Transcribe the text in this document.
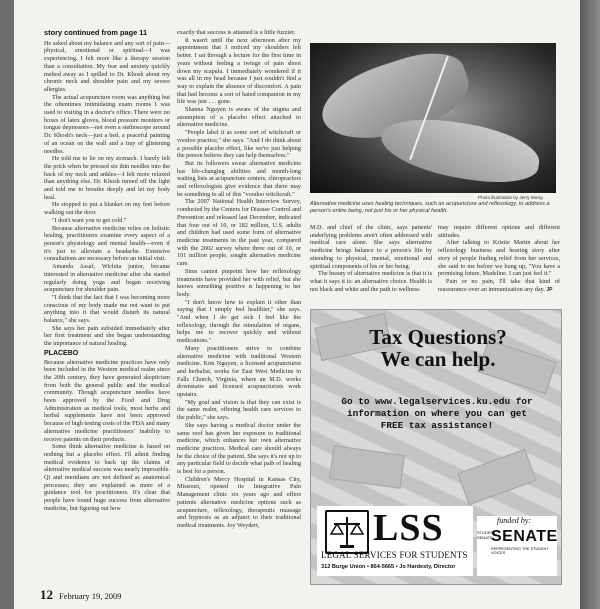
story continued from page 11

He asked about my balance and any sort of pain—physical, emotional or spiritual—I was experiencing. I felt more like a therapy session than a consultation. My fear and anxiety quickly melted away as I spilled to Dr. Khosh about my chronic neck and shoulder pain and my severe allergies.

The actual acupuncture room was anything but the oftentimes intimidating exam rooms I was used to visiting in a doctor's office. There were no boxes of latex gloves, blood pressure monitors or tongue depressors—not even a stethoscope around Dr. Khosh's neck—just a bed, a peaceful painting of an ocean on the wall and a tray of glistening needles.

He told me to lie on my stomach. I barely felt the prick when he pressed six thin needles into the back of my neck and ankles—I felt more relaxed than anything else. Dr. Khosh turned off the light and told me to breathe deeply and let my body heal.

He stopped to put a blanket on my feet before walking out the door.

"I don't want you to get cold."

Because alternative medicine relies on holistic healing, practitioners examine every aspect of a person's physiology and mental health—even if it's just to alleviate a headache. Extensive consultations are necessary before an initial visit.

Amanda Assaf, Wichita junior, became interested in alternative medicine after she started regularly doing yoga and began receiving acupuncture for shoulder pain.

"I think that the fact that I was becoming more conscious of my body made me not want to put anything into it that would disturb its natural balance," she says.

She says her pain subsided immediately after her first treatment and she began understanding the importance of natural healing.

PLACEBO

Because alternative medicine practices have only been included in the Western medical realm since the 20th century, they have generated skepticism from both the general public and the medical community. Though acupuncture needles have been approved by the Food and Drug Administration as medical tools, most herbs and herbal supplements have not been approved because of high testing costs of the FDA and many alternative medicine practitioners' inability to receive patents on their products.

Some think alternative medicine is based on nothing but a placebo effect. I'll admit finding medical evidence to back up the claims of alternative medical success was nearly impossible. Qi and meridians are not defined as anatomical processes; they are explained as more of a guidance tool for practitioners. It's clear that people have found huge success from alternative medicine, but figuring out how

exactly that success is attained is a little fuzzier.

It wasn't until the next afternoon after my appointment that I noticed my shoulders felt better. I sat through a lecture for the first time in years without feeling a twinge of pain shoot down my scapula. I immediately wondered if it was all in my head because I just couldn't find a way to explain the absence of discomfort. A pain that had become a sort of hated companion in my life was just . . . gone.

Shanna Nguyen is aware of the stigma and assumption of a placebo effect attached to alternative medicine.

"People label it as some sort of witchcraft or voodoo practice," she says. "And I do think about a possible placebo effect, like we're just helping the person believe they can help themselves."

But its followers swear alternative medicine has life-changing abilities and month-long waiting lists at acupuncture centers, chiropractors and reflexologists give evidence that there may be something to all of this "voodoo witchcraft."

The 2007 National Health Interview Survey, conducted by the Centers for Disease Control and Prevention and released last December, indicated that four out of 10, or 182 million, U.S. adults and children had used some form of alternative medicine treatments in the past year, compared with the 2002 survey where three out of 10, or 101 million people, sought alternative medicine care.

Sims cannot pinpoint how her reflexology treatments have provided her with relief, but she knows something positive is happening to her body.

"I don't know how to explain it other than saying that I simply feel healthier," she says. "And when I do get sick I feel like the reflexology, through the stimulation of organs, helps me to recover quickly and without medications."

Many practitioners strive to combine alternative medicine with traditional Western medicine. Kim Nguyen, a licensed acupuncturist and herbalist, works for East West Medicine in Falls Church, Virginia, where an M.D. works downstairs and licensed acupuncturists work upstairs.

"My goal and vision is that they can exist is the same realm, offering health care services to the public," she says.

She says having a medical doctor under the same roof has given her exposure to traditional medicine, which enhances her own alternative medicine practices. Medical care should always be the choice of the patient. She says it's not up to any particular field to decide what path of healing is best for a person.

Children's Mercy Hospital in Kansas City, Missouri, opened its Integrative Pain Management clinic six years ago and offers patients alternative medicine options such as acupuncture, reflexology, therapeutic massage and hypnosis as an adjunct to their traditional medical treatments. Joy Weydert,

Photo illustration by Jerry Wang
Alternative medicine uses healing techniques, such as acupuncture and reflexology, to address a person's entire being, not just his or her physical health.

M.D. and chief of the clinic, says patients' underlying problems aren't often addressed with medical care alone. She says alternative medicine brings balance to a person's life by attending to physical, mental, emotional and spiritual components of his or her being.

The beauty of alternative medicine is that it is what it says it is: an alternative choice. Health is not black and white and the path to wellness

may require different options and different attitudes.

After talking to Kristie Martin about her reflexology business and hearing story after story of people finding relief from her services, she said to me before we hung up, "You have a promising future, Madeline. I can just feel it."

Pain or no pain, I'll take that kind of reassurance over an immunization any day. JP

Tax Questions?
We can help.
Go to www.legalservices.ku.edu for
information on where you can get
FREE tax assistance!
LSS
LEGAL SERVICES FOR STUDENTS
312 Burge Union • 864-5665 • Jo Hardesty, Director
funded by:
STUDENT SENATE
SENATE
REPRESENTING THE STUDENT VOICES
12 February 19, 2009
